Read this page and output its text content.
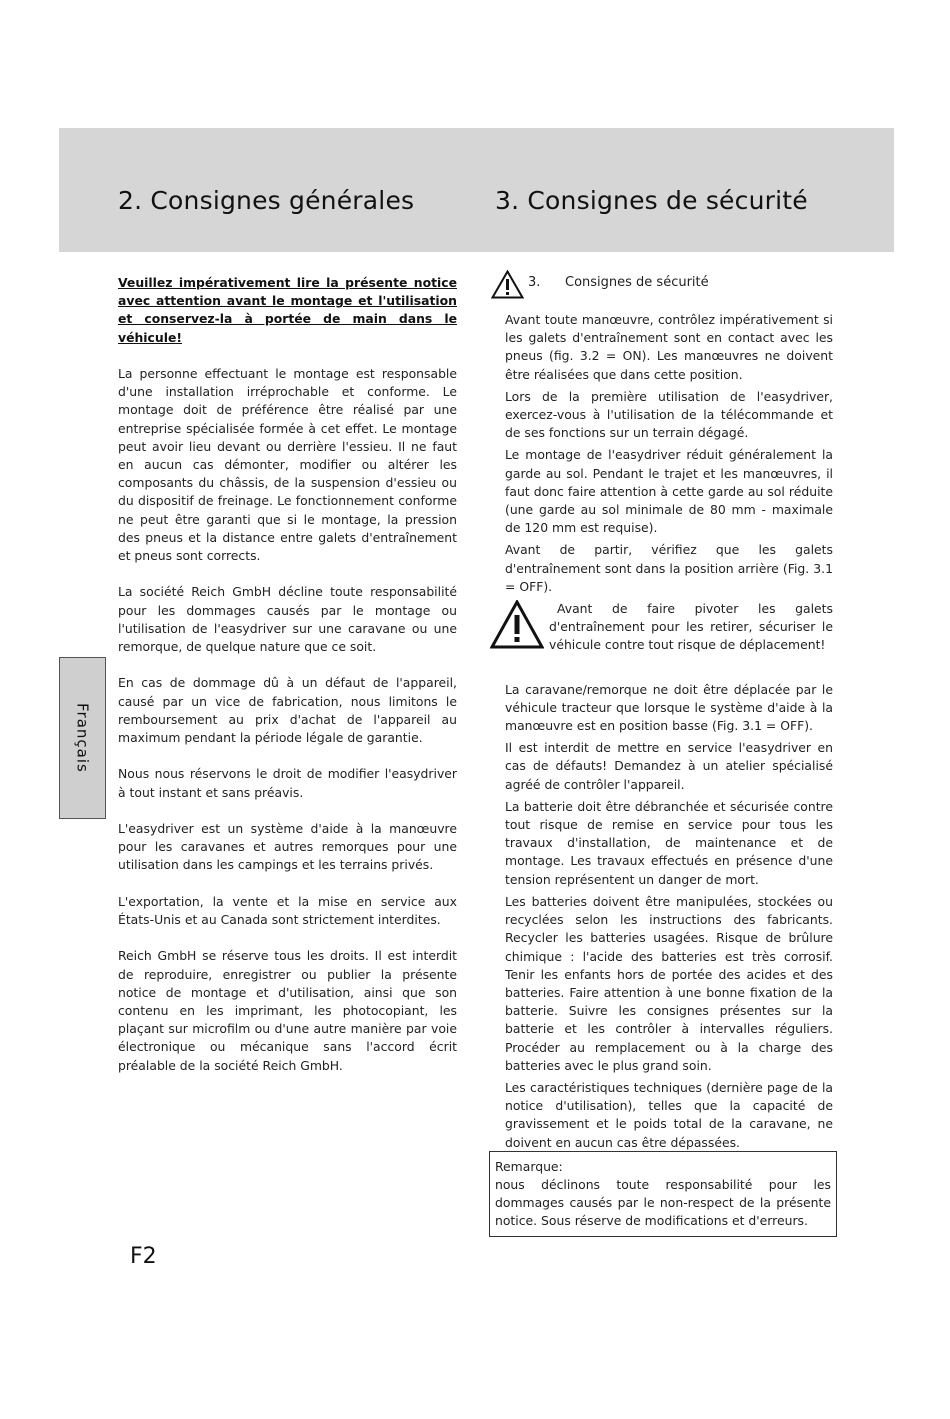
2. Consignes générales	3. Consignes de sécurité

Veuillez impérativement lire la présente notice avec attention avant le montage et l'utilisation et conservez-la à portée de main dans le véhicule!

La personne effectuant le montage est responsable d'une installation irréprochable et conforme. Le montage doit de préférence être réalisé par une entreprise spécialisée formée à cet effet. Le montage peut avoir lieu devant ou derrière l'essieu. Il ne faut en aucun cas démonter, modifier ou altérer les composants du châssis, de la suspension d'essieu ou du dispositif de freinage. Le fonctionnement conforme ne peut être garanti que si le montage, la pression des pneus et la distance entre galets d'entraînement et pneus sont corrects.

La société Reich GmbH décline toute responsabilité pour les dommages causés par le montage ou l'utilisation de l'easydriver sur une caravane ou une remorque, de quelque nature que ce soit.

En cas de dommage dû à un défaut de l'appareil, causé par un vice de fabrication, nous limitons le remboursement au prix d'achat de l'appareil au maximum pendant la période légale de garantie.

Nous nous réservons le droit de modifier l'easydriver à tout instant et sans préavis.

L'easydriver est un système d'aide à la manœuvre pour les caravanes et autres remorques pour une utilisation dans les campings et les terrains privés.

L'exportation, la vente et la mise en service aux États-Unis et au Canada sont strictement interdites.

Reich GmbH se réserve tous les droits. Il est interdit de reproduire, enregistrer ou publier la présente notice de montage et d'utilisation, ainsi que son contenu en les imprimant, les photocopiant, les plaçant sur microfilm ou d'une autre manière par voie électronique ou mécanique sans l'accord écrit préalable de la société Reich GmbH.

3. Consignes de sécurité

Avant toute manœuvre, contrôlez impérativement si les galets d'entraînement sont en contact avec les pneus (fig. 3.2 = ON). Les manœuvres ne doivent être réalisées que dans cette position.

Lors de la première utilisation de l'easydriver, exercez-vous à l'utilisation de la télécommande et de ses fonctions sur un terrain dégagé.

Le montage de l'easydriver réduit généralement la garde au sol. Pendant le trajet et les manœuvres, il faut donc faire attention à cette garde au sol réduite (une garde au sol minimale de 80 mm - maximale de 120 mm est requise).

Avant de partir, vérifiez que les galets d'entraînement sont dans la position arrière (Fig. 3.1 = OFF).

Avant de faire pivoter les galets d'entraînement pour les retirer, sécuriser le véhicule contre tout risque de déplacement!

La caravane/remorque ne doit être déplacée par le véhicule tracteur que lorsque le système d'aide à la manœuvre est en position basse (Fig. 3.1 = OFF).

Il est interdit de mettre en service l'easydriver en cas de défauts! Demandez à un atelier spécialisé agréé de contrôler l'appareil.

La batterie doit être débranchée et sécurisée contre tout risque de remise en service pour tous les travaux d'installation, de maintenance et de montage. Les travaux effectués en présence d'une tension représentent un danger de mort.

Les batteries doivent être manipulées, stockées ou recyclées selon les instructions des fabricants. Recycler les batteries usagées. Risque de brûlure chimique : l'acide des batteries est très corrosif. Tenir les enfants hors de portée des acides et des batteries. Faire attention à une bonne fixation de la batterie. Suivre les consignes présentes sur la batterie et les contrôler à intervalles réguliers. Procéder au remplacement ou à la charge des batteries avec le plus grand soin.

Les caractéristiques techniques (dernière page de la notice d'utilisation), telles que la capacité de gravissement et le poids total de la caravane, ne doivent en aucun cas être dépassées.

Remarque:
nous déclinons toute responsabilité pour les dommages causés par le non-respect de la présente notice. Sous réserve de modifications et d'erreurs.
Français
F2
